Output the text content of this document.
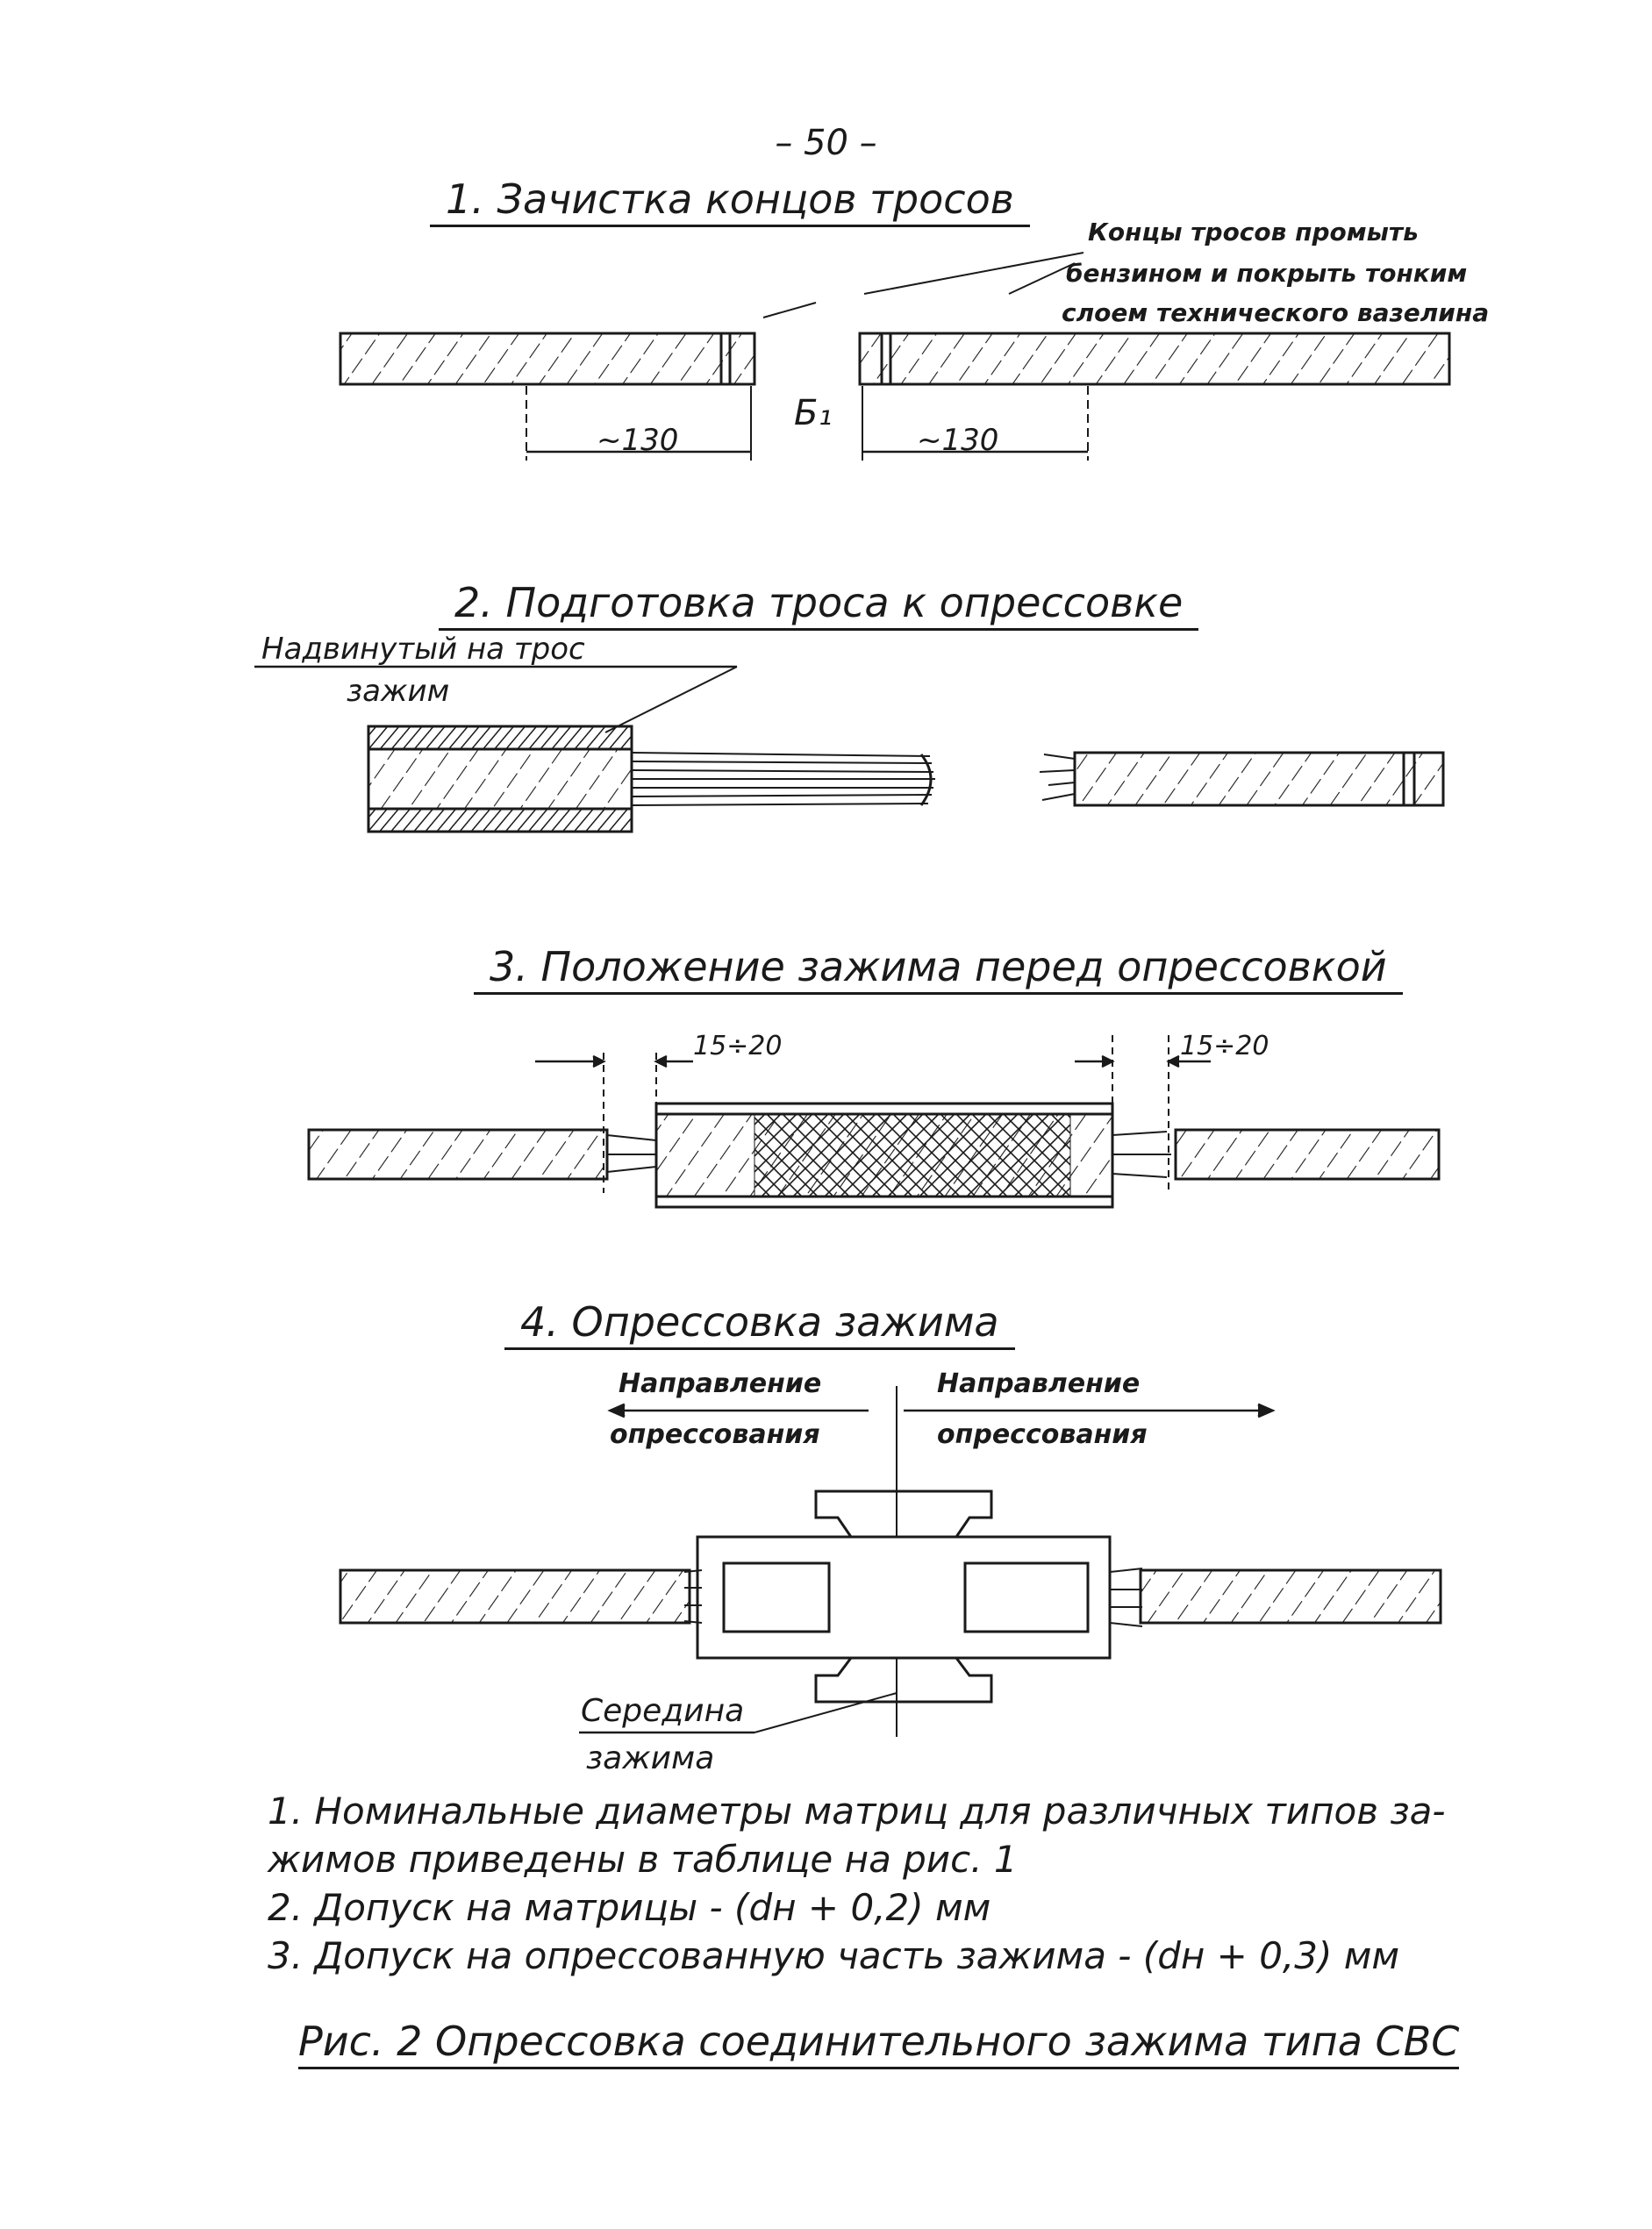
– 50 –
1. Зачистка концов тросов
Концы тросов промыть
бензином и покрыть тонким
слоем технического вазелина
~130	~130
Б₁
2. Подготовка троса к опрессовке
Надвинутый на трос
зажим
3. Положение зажима перед опрессовкой
15÷20	15÷20
4. Опрессовка зажима
Направление
опрессования
Направление
опрессования
Середина
зажима
1. Номинальные диаметры матриц для различных типов за-
жимов приведены в таблице на рис. 1
2. Допуск на матрицы - (dн + 0,2) мм
3. Допуск на опрессованную часть зажима - (dн + 0,3) мм
Рис. 2 Опрессовка соединительного зажима типа СВС
